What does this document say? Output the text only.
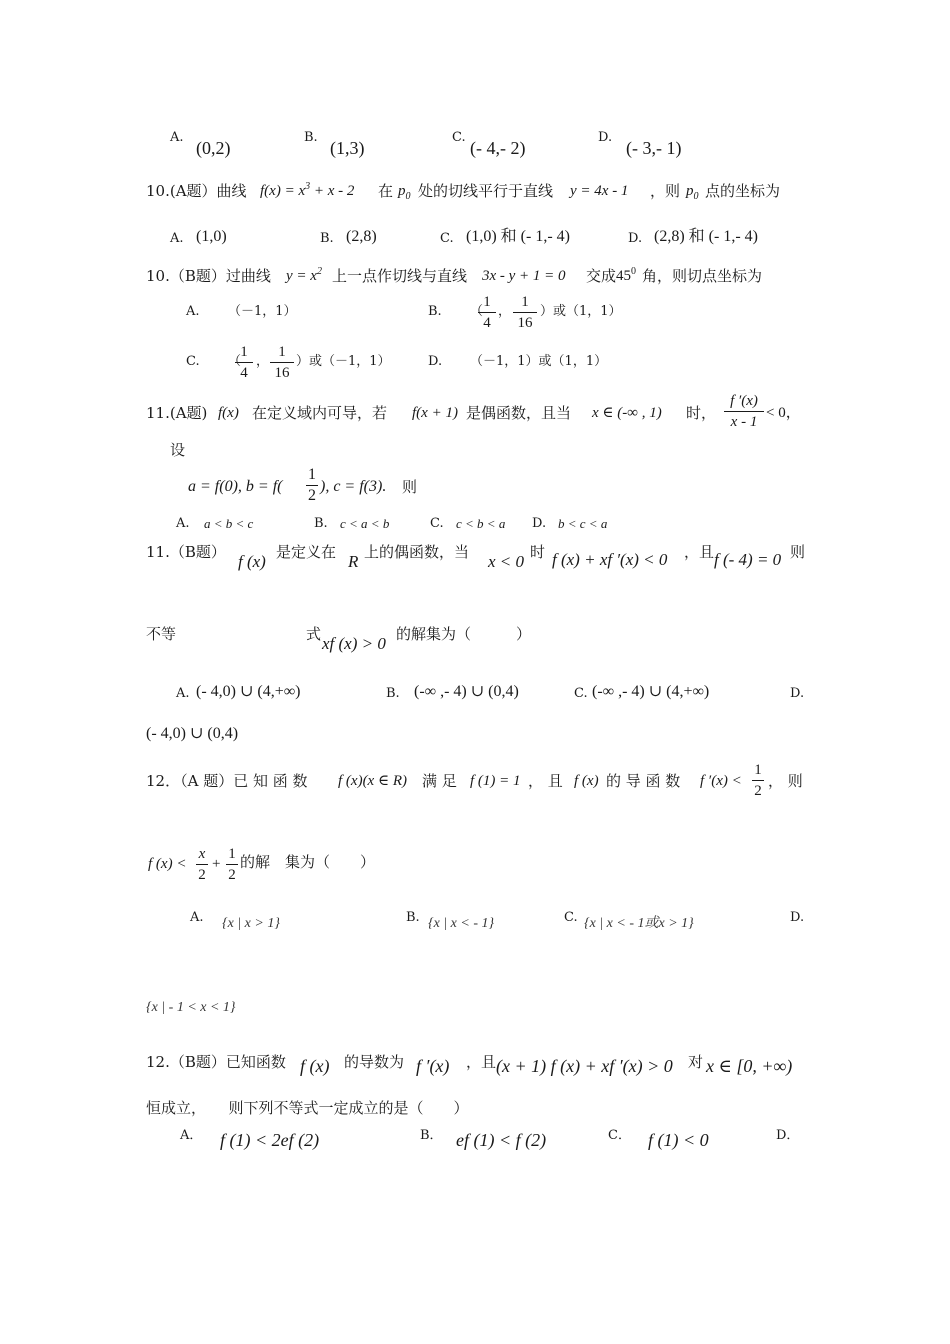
A.
(0,2)
B.
(1,3)
C.
(- 4,- 2)
D.
(- 3,- 1)
10.(A题）曲线 $f(x) = x^3 + x - 2$ 在 $p_0$ 处的切线平行于直线 y = 4x - 1 ，则 $p_0$ 点的坐标为
A. (1,0)	B. (2,8)	C. (1,0) 和 (- 1,- 4)	D. (2,8) 和 (- 1,- 4)
10.（B题）过曲线 $y = x^2$ 上一点作切线与直线 3x - y + 1 = 0 交成 $45^0$ 角，则切点坐标为
A. （－1，1）	B. （
1
4
，
1
16
）或（1，1）
C. （
1
4
，
1
16
）或（－1，1）	D. （－1，1）或（1，1）
11.(A题) f(x) 在定义域内可导，若 f(x + 1) 是偶函数，且当 x ∈ (-∞ , 1) 时，
f ′(x)
x - 1
< 0，
设
a = f(0), b = f(
1
2
), c = f(3). 则
A. a < b < c	B. c < a < b	C. c < b < a D. b < c < a
11.（B题） f (x) 是定义在 R 上的偶函数，当 x < 0 时 f (x) + xf ′(x) < 0 ，且 f (- 4) = 0 则
不等	式 xf (x) > 0 的解集为（　　　）
A. (- 4,0) ∪ (4,+∞)	B. (-∞ ,- 4) ∪ (0,4)	C. (-∞ ,- 4) ∪ (4,+∞)	D.
(- 4,0) ∪ (0,4)
12．（A 题）已 知 函 数 f (x)(x ∈ R) 满 足 f (1) = 1 ， 且 f (x) 的 导 函 数 f ′(x) <
1
2
， 则
f (x) <
x
2
+
1
2
的解　集为（　　）
A. {x | x > 1}	B. {x | x < - 1}	C. {x | x < - 1或x > 1}	D.
{x | - 1 < x < 1}
12.（B题）已知函数 f (x) 的导数为 f ′(x) ，且 (x + 1) f (x) + xf ′(x) > 0 对 x ∈ [0, +∞)
恒成立，　　则下列不等式一定成立的是（　　）
A． f (1) < 2ef (2)	B． ef (1) < f (2)	C． f (1) < 0	D．
